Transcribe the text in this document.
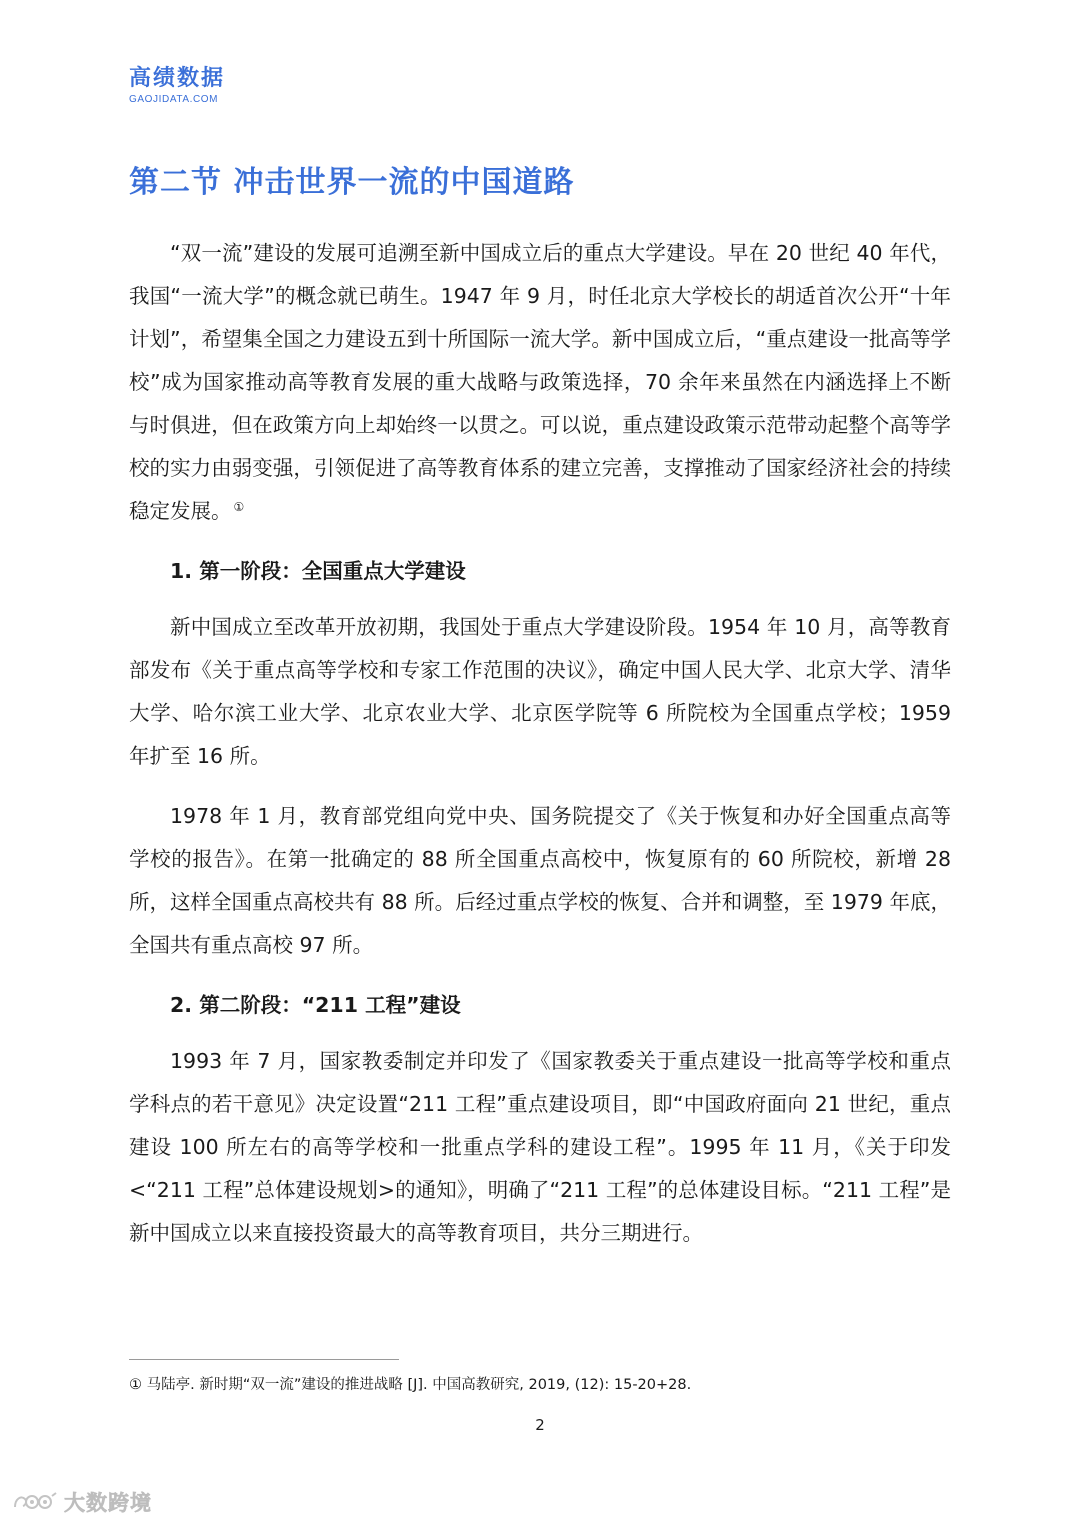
高绩数据
GAOJIDATA.COM
第二节 冲击世界一流的中国道路

“双一流”建设的发展可追溯至新中国成立后的重点大学建设。早在 20 世纪 40 年代，我国“一流大学”的概念就已萌生。1947 年 9 月，时任北京大学校长的胡适首次公开“十年计划”，希望集全国之力建设五到十所国际一流大学。新中国成立后，“重点建设一批高等学校”成为国家推动高等教育发展的重大战略与政策选择，70 余年来虽然在内涵选择上不断与时俱进，但在政策方向上却始终一以贯之。可以说，重点建设政策示范带动起整个高等学校的实力由弱变强，引领促进了高等教育体系的建立完善，支撑推动了国家经济社会的持续稳定发展。 ①

1. 第一阶段：全国重点大学建设

新中国成立至改革开放初期，我国处于重点大学建设阶段。1954 年 10 月，高等教育部发布《关于重点高等学校和专家工作范围的决议》，确定中国人民大学、北京大学、清华大学、哈尔滨工业大学、北京农业大学、北京医学院等 6 所院校为全国重点学校；1959 年扩至 16 所。

1978 年 1 月，教育部党组向党中央、国务院提交了《关于恢复和办好全国重点高等学校的报告》。在第一批确定的 88 所全国重点高校中，恢复原有的 60 所院校，新增 28 所，这样全国重点高校共有 88 所。后经过重点学校的恢复、合并和调整，至 1979 年底，全国共有重点高校 97 所。

2. 第二阶段：“211 工程”建设

1993 年 7 月，国家教委制定并印发了《国家教委关于重点建设一批高等学校和重点学科点的若干意见》决定设置“211 工程”重点建设项目，即“中国政府面向 21 世纪，重点建设 100 所左右的高等学校和一批重点学科的建设工程”。1995 年 11 月，《关于印发<“211 工程”总体建设规划>的通知》，明确了“211 工程”的总体建设目标。“211 工程”是新中国成立以来直接投资最大的高等教育项目，共分三期进行。

① 马陆亭. 新时期“双一流”建设的推进战略 [J]. 中国高教研究, 2019, (12): 15-20+28.
2
大数跨境
